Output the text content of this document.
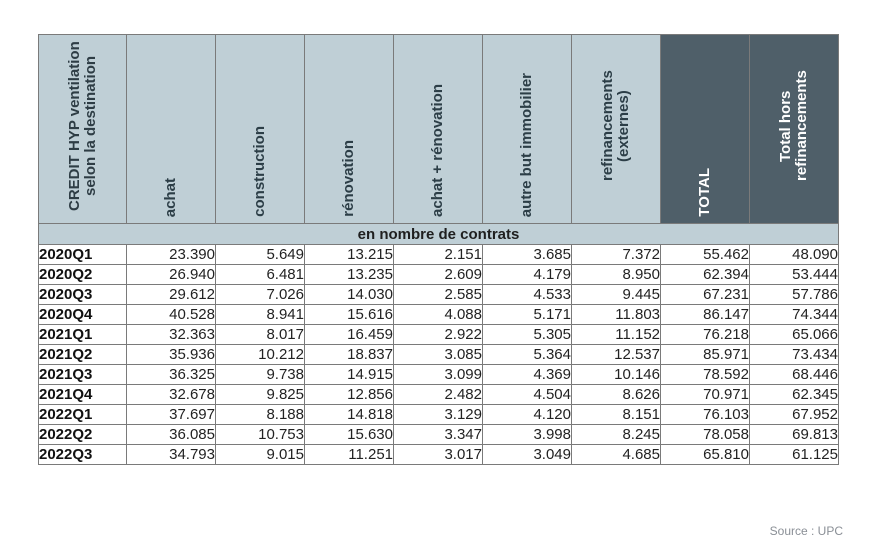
CREDIT HYP ventilation selon la destination	achat	construction	rénovation	achat + rénovation	autre but immobilier	refinancements (externes)	TOTAL	Total hors refinancements

en nombre de contrats								
2020Q1	23.390	5.649	13.215	2.151	3.685	7.372	55.462	48.090
2020Q2	26.940	6.481	13.235	2.609	4.179	8.950	62.394	53.444
2020Q3	29.612	7.026	14.030	2.585	4.533	9.445	67.231	57.786
2020Q4	40.528	8.941	15.616	4.088	5.171	11.803	86.147	74.344
2021Q1	32.363	8.017	16.459	2.922	5.305	11.152	76.218	65.066
2021Q2	35.936	10.212	18.837	3.085	5.364	12.537	85.971	73.434
2021Q3	36.325	9.738	14.915	3.099	4.369	10.146	78.592	68.446
2021Q4	32.678	9.825	12.856	2.482	4.504	8.626	70.971	62.345
2022Q1	37.697	8.188	14.818	3.129	4.120	8.151	76.103	67.952
2022Q2	36.085	10.753	15.630	3.347	3.998	8.245	78.058	69.813
2022Q3	34.793	9.015	11.251	3.017	3.049	4.685	65.810	61.125
Source : UPC
